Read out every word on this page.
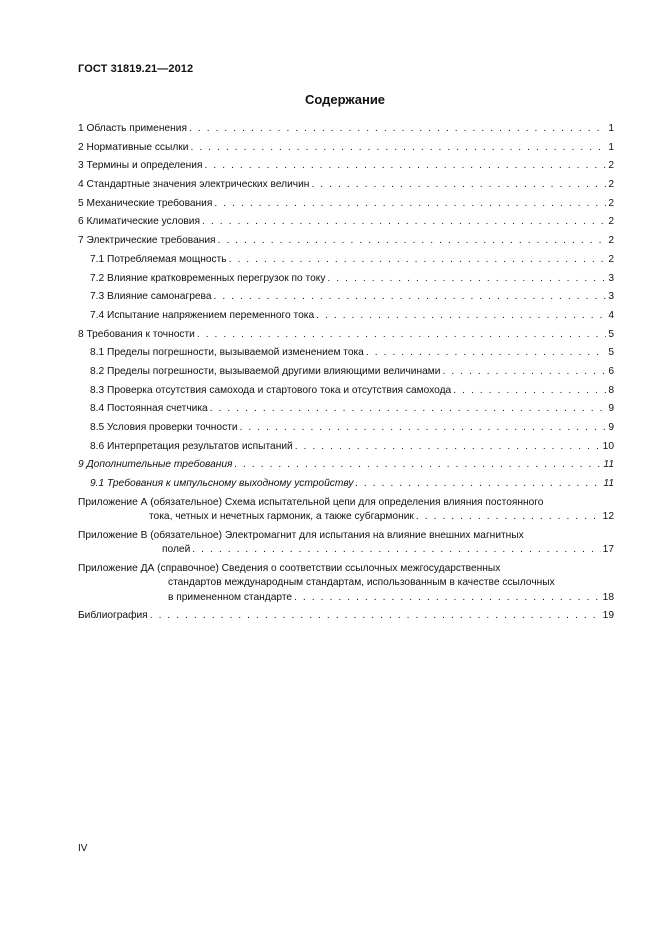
ГОСТ 31819.21—2012
Содержание
1 Область применения . . .	1
2 Нормативные ссылки . . .	1
3 Термины и определения . . .	2
4 Стандартные значения электрических величин . . .	2
5 Механические требования . . .	2
6 Климатические условия . . .	2
7 Электрические требования . . .	2
7.1 Потребляемая мощность . . .	2
7.2 Влияние кратковременных перегрузок по току . . .	3
7.3 Влияние самонагрева . . .	3
7.4 Испытание напряжением переменного тока . . .	4
8 Требования к точности . . .	5
8.1 Пределы погрешности, вызываемой изменением тока . . .	5
8.2 Пределы погрешности, вызываемой другими влияющими величинами . . .	6
8.3 Проверка отсутствия самохода и стартового тока и отсутствия самохода . . .	8
8.4 Постоянная счетчика . . .	9
8.5 Условия проверки точности . . .	9
8.6 Интерпретация результатов испытаний . . .	10
9 Дополнительные требования . . .	11
9.1 Требования к импульсному выходному устройству . . .	11
Приложение А (обязательное) Схема испытательной цепи для определения влияния постоянного
тока, четных и нечетных гармоник, а также субгармоник . . .	12
Приложение В (обязательное) Электромагнит для испытания на влияние внешних магнитных
полей . . .	17
Приложение ДА (справочное) Сведения о соответствии ссылочных межгосударственных
стандартов международным стандартам, использованным в качестве ссылочных
в примененном стандарте . . .	18
Библиография . . .	19
IV
